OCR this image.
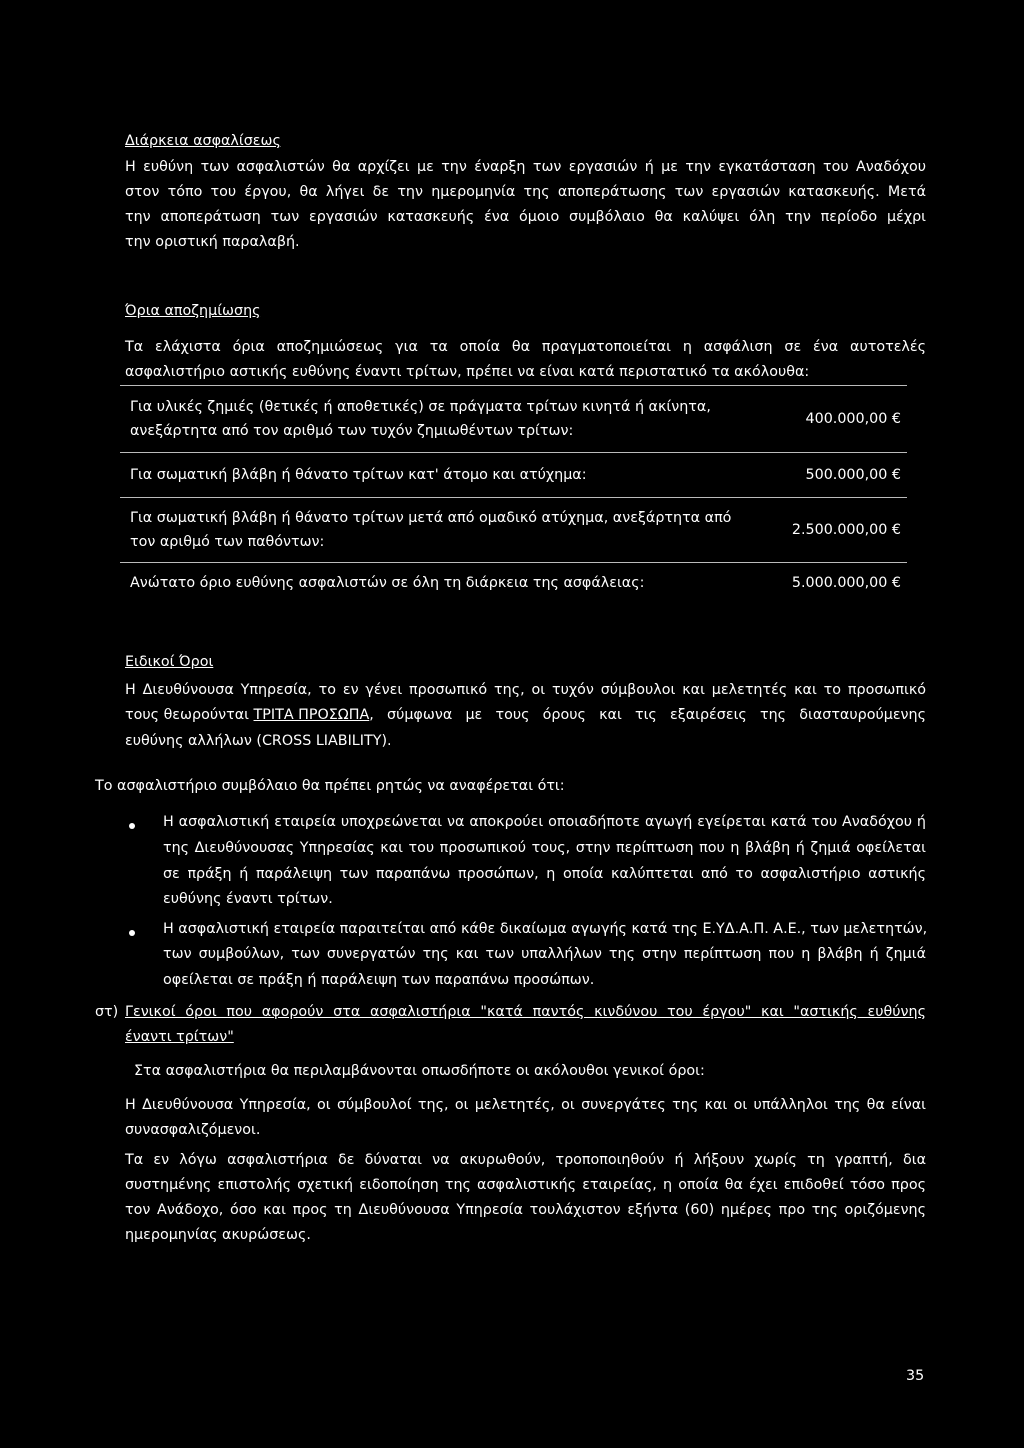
Διάρκεια ασφαλίσεως
Η ευθύνη των ασφαλιστών θα αρχίζει με την έναρξη των εργασιών ή με την εγκατάσταση του Αναδόχου
στον τόπο του έργου, θα λήγει δε την ημερομηνία της αποπεράτωσης των εργασιών κατασκευής. Μετά
την αποπεράτωση των εργασιών κατασκευής ένα όμοιο συμβόλαιο θα καλύψει όλη την περίοδο μέχρι
την οριστική παραλαβή.
Όρια αποζημίωσης
Τα ελάχιστα όρια αποζημιώσεως για τα οποία θα πραγματοποιείται η ασφάλιση σε ένα αυτοτελές
ασφαλιστήριο αστικής ευθύνης έναντι τρίτων, πρέπει να είναι κατά περιστατικό τα ακόλουθα:
Για υλικές ζημιές (θετικές ή αποθετικές) σε πράγματα τρίτων κινητά ή ακίνητα,
ανεξάρτητα από τον αριθμό των τυχόν ζημιωθέντων τρίτων:	400.000,00 €

Για σωματική βλάβη ή θάνατο τρίτων κατ' άτομο και ατύχημα:	500.000,00 €

Για σωματική βλάβη ή θάνατο τρίτων μετά από ομαδικό ατύχημα, ανεξάρτητα από
τον αριθμό των παθόντων:	2.500.000,00 €

Ανώτατο όριο ευθύνης ασφαλιστών σε όλη τη διάρκεια της ασφάλειας:	5.000.000,00 €
Ειδικοί Όροι
Η Διευθύνουσα Υπηρεσία, το εν γένει προσωπικό της, οι τυχόν σύμβουλοι και μελετητές και το προσωπικό
τους θεωρούνται ΤΡΙΤΑ ΠΡΟΣΩΠΑ , σύμφωνα με τους όρους και τις εξαιρέσεις της διασταυρούμενης
ευθύνης αλλήλων (CROSS LIABILITY).
Το ασφαλιστήριο συμβόλαιο θα πρέπει ρητώς να αναφέρεται ότι:
Η ασφαλιστική εταιρεία υποχρεώνεται να αποκρούει οποιαδήποτε αγωγή εγείρεται κατά του Αναδόχου ή
της Διευθύνουσας Υπηρεσίας και του προσωπικού τους, στην περίπτωση που η βλάβη ή ζημιά οφείλεται
σε πράξη ή παράλειψη των παραπάνω προσώπων, η οποία καλύπτεται από το ασφαλιστήριο αστικής
ευθύνης έναντι τρίτων.
Η ασφαλιστική εταιρεία παραιτείται από κάθε δικαίωμα αγωγής κατά της Ε.ΥΔ.Α.Π. Α.Ε., των μελετητών,
των συμβούλων, των συνεργατών της και των υπαλλήλων της στην περίπτωση που η βλάβη ή ζημιά
οφείλεται σε πράξη ή παράλειψη των παραπάνω προσώπων.
στ) Γενικοί όροι που αφορούν στα ασφαλιστήρια "κατά παντός κινδύνου του έργου" και "αστικής ευθύνης
έναντι τρίτων"
Στα ασφαλιστήρια θα περιλαμβάνονται οπωσδήποτε οι ακόλουθοι γενικοί όροι:
Η Διευθύνουσα Υπηρεσία, οι σύμβουλοί της, οι μελετητές, οι συνεργάτες της και οι υπάλληλοι της θα είναι
συνασφαλιζόμενοι.
Τα εν λόγω ασφαλιστήρια δε δύναται να ακυρωθούν, τροποποιηθούν ή λήξουν χωρίς τη γραπτή, δια
συστημένης επιστολής σχετική ειδοποίηση της ασφαλιστικής εταιρείας, η οποία θα έχει επιδοθεί τόσο προς
τον Ανάδοχο, όσο και προς τη Διευθύνουσα Υπηρεσία τουλάχιστον εξήντα (60) ημέρες προ της οριζόμενης
ημερομηνίας ακυρώσεως.
35
